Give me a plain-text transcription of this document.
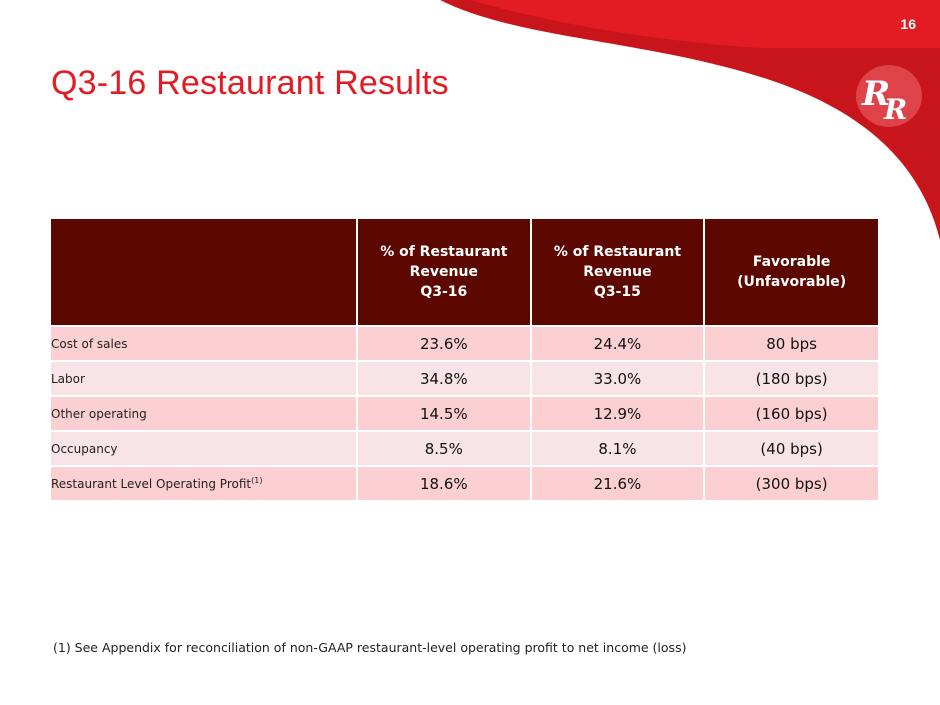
16
R
R
Q3-16 Restaurant Results

	% of Restaurant
Revenue
Q3-16	% of Restaurant
Revenue
Q3-15	Favorable
(Unfavorable)

Cost of sales	23.6%	24.4%	80 bps
Labor	34.8%	33.0%	(180 bps)
Other operating	14.5%	12.9%	(160 bps)
Occupancy	8.5%	8.1%	(40 bps)
Restaurant Level Operating Profit$^{(1)}$	18.6%	21.6%	(300 bps)
(1) See Appendix for reconciliation of non-GAAP restaurant-level operating profit to net income (loss)
